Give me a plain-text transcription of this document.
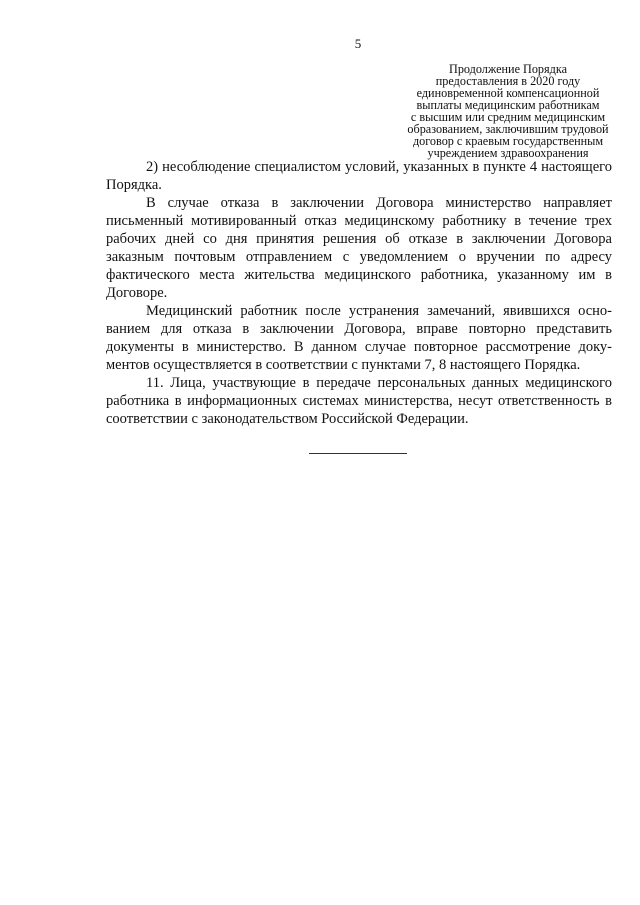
5
Продолжение Порядка
предоставления в 2020 году
единовременной компенсационной
выплаты медицинским работникам
с высшим или средним медицинским
образованием, заключившим трудовой
договор с краевым государственным
учреждением здравоохранения

2) несоблюдение специалистом условий, указанных в пункте 4 настоящего Порядка.

В случае отказа в заключении Договора министерство направляет письменный мотивированный отказ медицинскому работнику в течение трех рабочих дней со дня принятия решения об отказе в заключении Договора заказным почтовым отправлением с уведомлением о вручении по адресу фактического места жительства медицинского работника, указанному им в Договоре.

Медицинский работник после устранения замечаний, явившихся основанием для отказа в заключении Договора, вправе повторно представить документы в министерство. В данном случае повторное рассмотрение документов осуществляется в соответствии с пунктами 7, 8 настоящего Порядка.

11. Лица, участвующие в передаче персональных данных медицинского работника в информационных системах министерства, несут ответственность в соответствии с законодательством Российской Федерации.
